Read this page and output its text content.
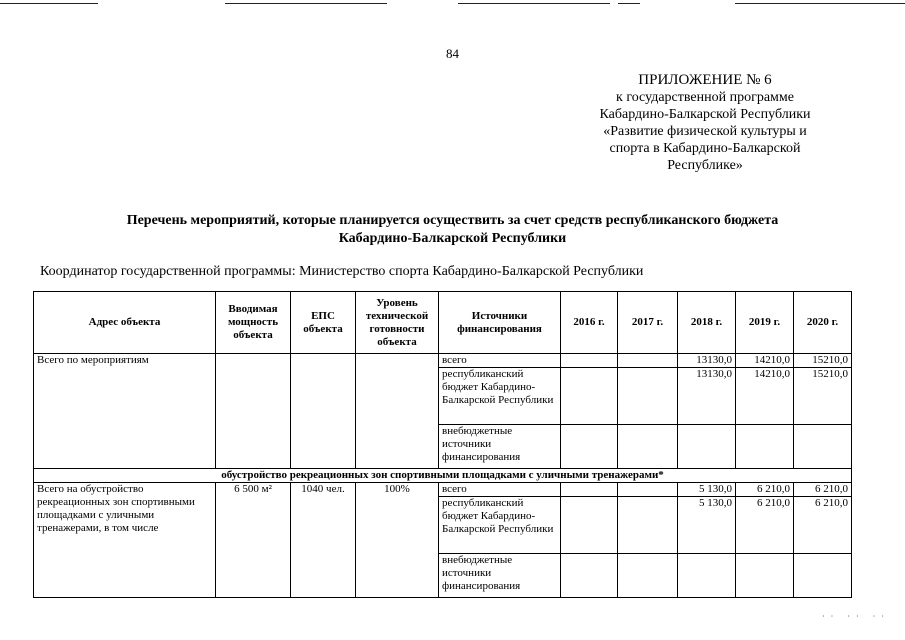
84
ПРИЛОЖЕНИЕ № 6
к государственной программе
Кабардино-Балкарской Республики
«Развитие физической культуры и
спорта в Кабардино-Балкарской
Республике»
Перечень мероприятий, которые планируется осуществить за счет средств республиканского бюджета
Кабардино-Балкарской Республики
Координатор государственной программы: Министерство спорта Кабардино-Балкарской Республики
Адрес объекта	Вводимая мощность объекта	ЕПС объекта	Уровень технической готовности объекта	Источники финансирования	2016 г.	2017 г.	2018 г.	2019 г.	2020 г.
Всего по мероприятиям				всего			13130,0	14210,0	15210,0
				республиканский бюджет Кабардино-Балкарской Республики			13130,0	14210,0	15210,0
				внебюджетные источники финансирования					
обустройство рекреационных зон спортивными площадками с уличными тренажерами*									
Всего на обустройство рекреационных зон спортивными площадками с уличными тренажерами, в том числе	6 500 м²	1040 чел.	100%	всего			5 130,0	6 210,0	6 210,0
				республиканский бюджет Кабардино-Балкарской Республики			5 130,0	6 210,0	6 210,0
				внебюджетные источники финансирования					
·· ·· ··
